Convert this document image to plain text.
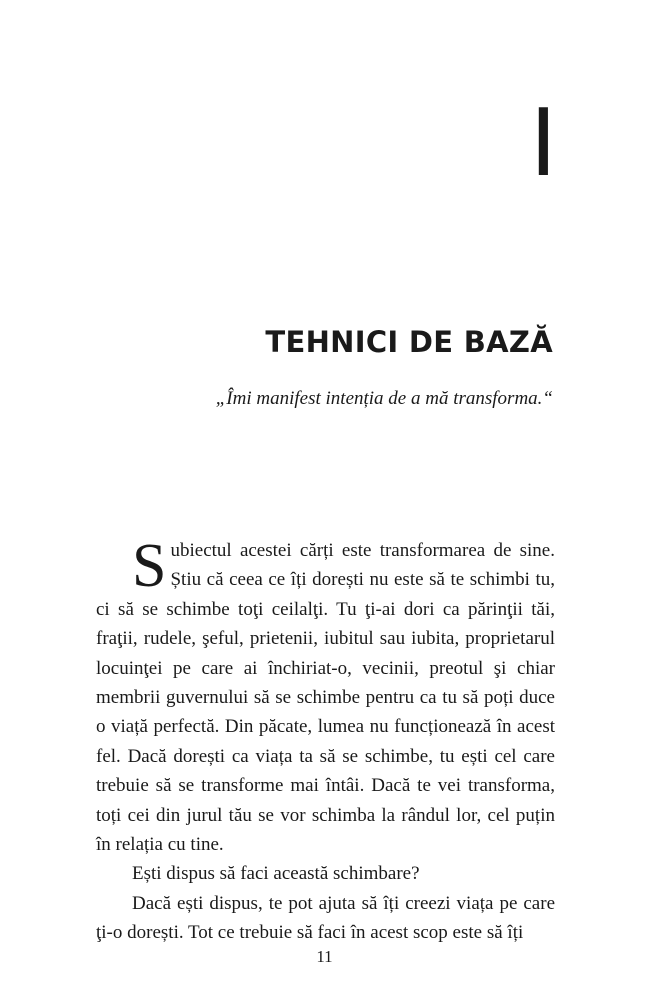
I
TEHNICI DE BAZĂ
„Îmi manifest intenția de a mă transforma.“

Subiectul acestei cărți este transformarea de sine. Știu că ceea ce îți dorești nu este să te schimbi tu, ci să se schimbe toţi ceilalţi. Tu ţi-ai dori ca părinţii tăi, fraţii, rudele, şeful, prietenii, iubitul sau iubita, proprietarul locuinţei pe care ai închiriat-o, vecinii, preotul şi chiar membrii guvernului să se schimbe pentru ca tu să poți duce o viață perfectă. Din păcate, lumea nu funcționează în acest fel. Dacă dorești ca viața ta să se schimbe, tu ești cel care trebuie să se transforme mai întâi. Dacă te vei transforma, toți cei din jurul tău se vor schimba la rândul lor, cel puțin în relația cu tine.

Ești dispus să faci această schimbare?

Dacă ești dispus, te pot ajuta să îți creezi viața pe care ţi-o dorești. Tot ce trebuie să faci în acest scop este să îți

11
